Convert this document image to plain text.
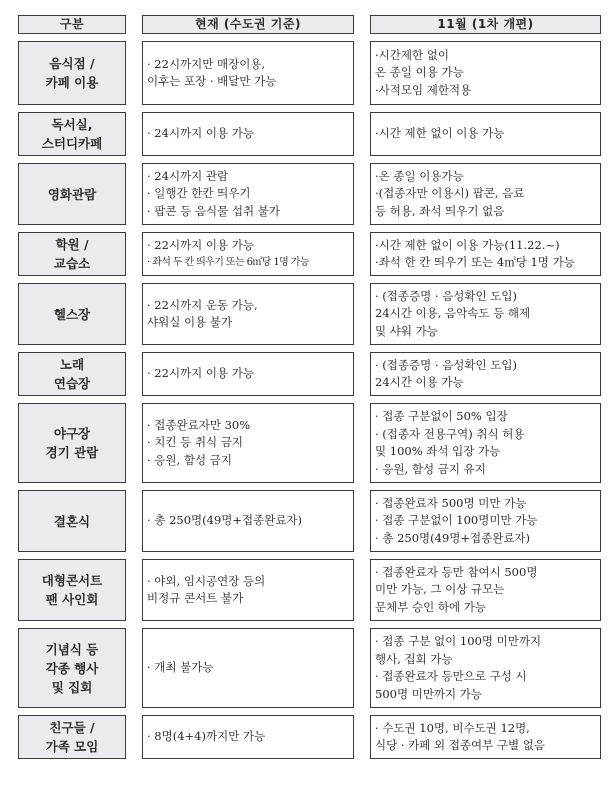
구분		현재 (수도권 기준)		11월 (1차 개편)

음식점 /
카페 이용		· 22시까지만 매장이용,
이후는 포장 · 배달만 가능		·시간제한 없이
온 종일 이용 가능
·사적모임 제한적용

독서실,
스터디카페		· 24시까지 이용 가능		·시간 제한 없이 이용 가능

영화관람		· 24시까지 관람
· 일행간 한칸 띄우기
· 팝콘 등 음식물 섭취 불가		·온 종일 이용가능
·(접종자만 이용시) 팝콘, 음료
등 허용, 좌석 띄우기 없음

학원 /
교습소		· 22시까지 이용 가능
· 좌석 두 칸 띄우기 또는 6㎡당 1명 가능		·시간 제한 없이 이용 가능(11.22.~)
·좌석 한 칸 띄우기 또는 4㎡당 1명 가능

헬스장		· 22시까지 운동 가능,
샤워실 이용 불가		· (접종증명 · 음성확인 도입)
24시간 이용, 음악속도 등 해제
및 샤워 가능

노래
연습장		· 22시까지 이용 가능		· (접종증명 · 음성확인 도입)
24시간 이용 가능

야구장
경기 관람		· 접종완료자만 30%
· 치킨 등 취식 금지
· 응원, 함성 금지		· 접종 구분없이 50% 입장
· (접종자 전용구역) 취식 허용
및 100% 좌석 입장 가능
· 응원, 함성 금지 유지

결혼식		· 총 250명(49명+접종완료자)		· 접종완료자 500명 미만 가능
· 접종 구분없이 100명미만 가능
· 총 250명(49명+접종완료자)

대형콘서트
팬 사인회		· 야외, 임시공연장 등의
비정규 콘서트 불가		· 접종완료자 등만 참여시 500명
미만 가능, 그 이상 규모는
문체부 승인 하에 가능

기념식 등
각종 행사
및 집회		· 개최 불가능		· 접종 구분 없이 100명 미만까지
행사, 집회 가능
· 접종완료자 등만으로 구성 시
500명 미만까지 가능

친구들 /
가족 모임		· 8명(4+4)까지만 가능		· 수도권 10명, 비수도권 12명,
식당 · 카페 외 접종여부 구별 없음
